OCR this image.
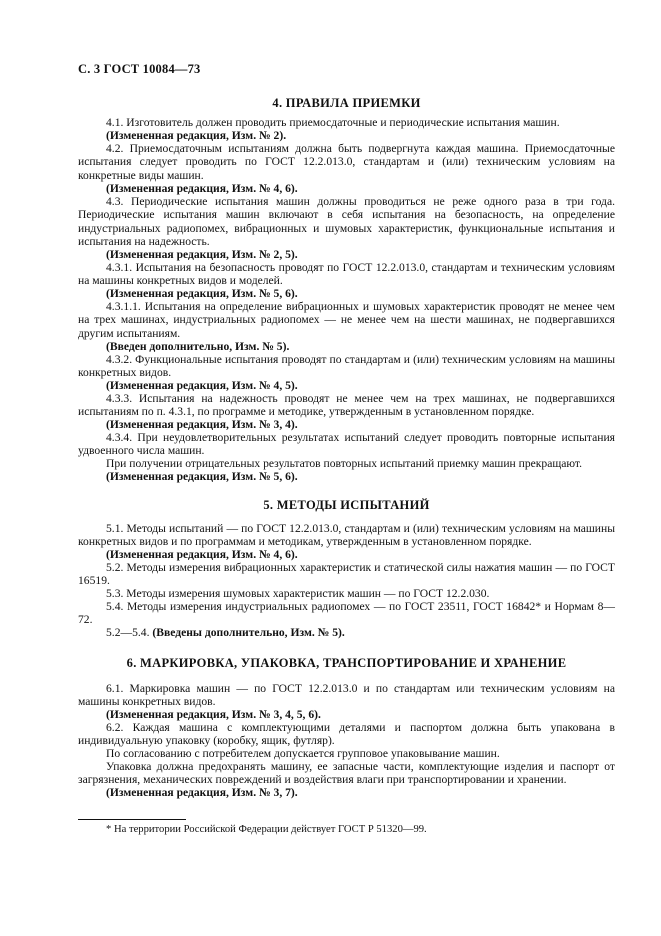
С. 3 ГОСТ 10084—73
4. ПРАВИЛА ПРИЕМКИ
4.1. Изготовитель должен проводить приемосдаточные и периодические испытания машин.
(Измененная редакция, Изм. № 2).
4.2. Приемосдаточным испытаниям должна быть подвергнута каждая машина. Приемосдаточные испытания следует проводить по ГОСТ 12.2.013.0, стандартам и (или) техническим условиям на конкретные виды машин.
(Измененная редакция, Изм. № 4, 6).
4.3. Периодические испытания машин должны проводиться не реже одного раза в три года. Периодические испытания машин включают в себя испытания на безопасность, на определение индустриальных радиопомех, вибрационных и шумовых характеристик, функциональные испытания и испытания на надежность.
(Измененная редакция, Изм. № 2, 5).
4.3.1. Испытания на безопасность проводят по ГОСТ 12.2.013.0, стандартам и техническим условиям на машины конкретных видов и моделей.
(Измененная редакция, Изм. № 5, 6).
4.3.1.1. Испытания на определение вибрационных и шумовых характеристик проводят не менее чем на трех машинах, индустриальных радиопомех — не менее чем на шести машинах, не подвергавшихся другим испытаниям.
(Введен дополнительно, Изм. № 5).
4.3.2. Функциональные испытания проводят по стандартам и (или) техническим условиям на машины конкретных видов.
(Измененная редакция, Изм. № 4, 5).
4.3.3. Испытания на надежность проводят не менее чем на трех машинах, не подвергавшихся испытаниям по п. 4.3.1, по программе и методике, утвержденным в установленном порядке.
(Измененная редакция, Изм. № 3, 4).
4.3.4. При неудовлетворительных результатах испытаний следует проводить повторные испытания удвоенного числа машин.
При получении отрицательных результатов повторных испытаний приемку машин прекращают.
(Измененная редакция, Изм. № 5, 6).
5. МЕТОДЫ ИСПЫТАНИЙ
5.1. Методы испытаний — по ГОСТ 12.2.013.0, стандартам и (или) техническим условиям на машины конкретных видов и по программам и методикам, утвержденным в установленном порядке.
(Измененная редакция, Изм. № 4, 6).
5.2. Методы измерения вибрационных характеристик и статической силы нажатия машин — по ГОСТ 16519.
5.3. Методы измерения шумовых характеристик машин — по ГОСТ 12.2.030.
5.4. Методы измерения индустриальных радиопомех — по ГОСТ 23511, ГОСТ 16842* и Нормам 8—72.
5.2—5.4. (Введены дополнительно, Изм. № 5).
6. МАРКИРОВКА, УПАКОВКА, ТРАНСПОРТИРОВАНИЕ И ХРАНЕНИЕ
6.1. Маркировка машин — по ГОСТ 12.2.013.0 и по стандартам или техническим условиям на машины конкретных видов.
(Измененная редакция, Изм. № 3, 4, 5, 6).
6.2. Каждая машина с комплектующими деталями и паспортом должна быть упакована в индивидуальную упаковку (коробку, ящик, футляр).
По согласованию с потребителем допускается групповое упаковывание машин.
Упаковка должна предохранять машину, ее запасные части, комплектующие изделия и паспорт от загрязнения, механических повреждений и воздействия влаги при транспортировании и хранении.
(Измененная редакция, Изм. № 3, 7).
* На территории Российской Федерации действует ГОСТ Р 51320—99.
